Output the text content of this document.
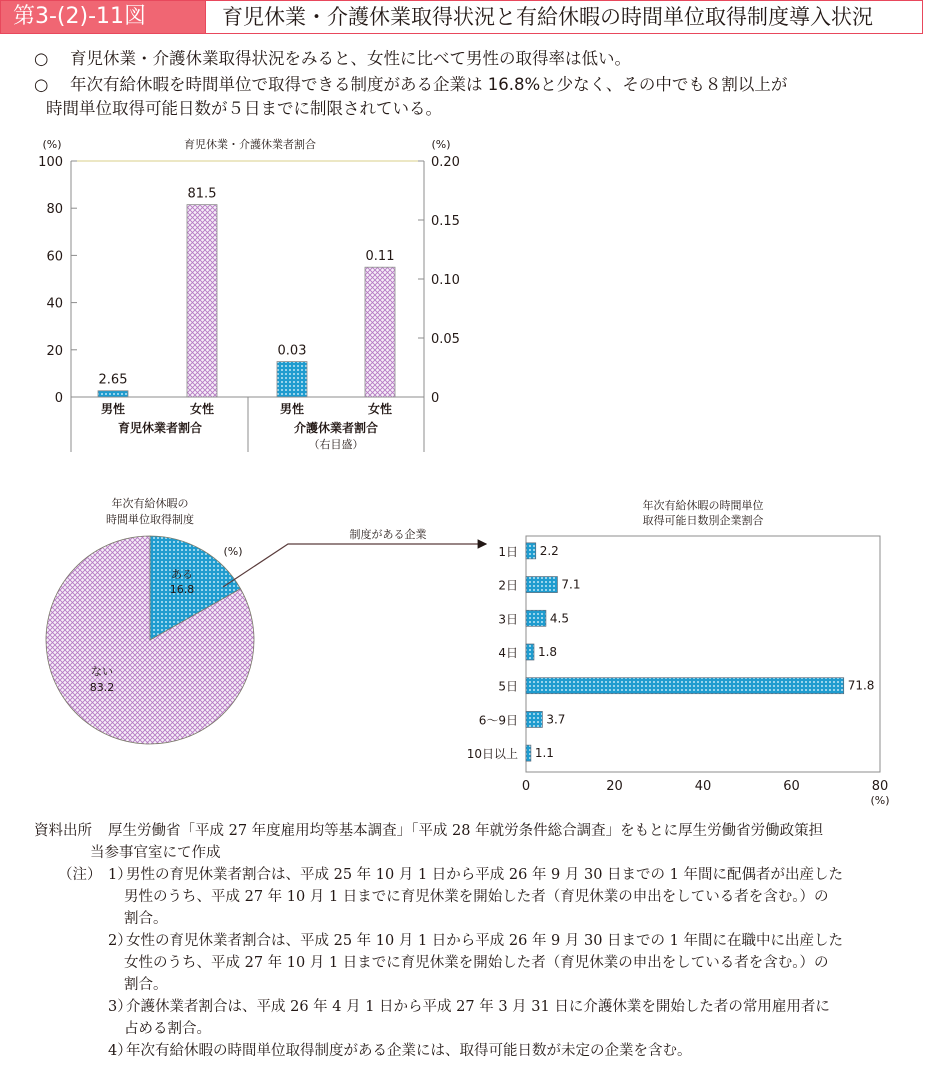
第3-(2)-11図	育児休業・介護休業取得状況と有給休暇の時間単位取得制度導入状況
○ 育児休業・介護休業取得状況をみると、女性に比べて男性の取得率は低い。
○ 年次有給休暇を時間単位で取得できる制度がある企業は 16.8%と少なく、その中でも８割以上が
時間単位取得可能日数が５日までに制限されている。
育児休業・介護休業者割合
(%)	(%)
0
20
40
60
80
100
0
0.05
0.10
0.15
0.20
2.65
81.5
0.03
0.11
男性	女性
育児休業者割合
男性	女性
介護休業者割合
（右目盛）
年次有給休暇の
時間単位取得制度
(%)
ある
16.8
ない
83.2
制度がある企業
年次有給休暇の時間単位
取得可能日数別企業割合
2.2
1日
7.1
2日
4.5
3日
1.8
4日
71.8
5日
3.7
6～9日
1.1
10日以上
0	20	40	60	80
(%)
資料出所 厚生労働省「平成 27 年度雇用均等基本調査」「平成 28 年就労条件総合調査」をもとに厚生労働省労働政策担
当参事官室にて作成
（注） 1）
男性の育児休業者割合は、平成 25 年 10 月 1 日から平成 26 年 9 月 30 日までの 1 年間に配偶者が出産した
男性のうち、平成 27 年 10 月 1 日までに育児休業を開始した者（育児休業の申出をしている者を含む。）の
割合。
2）
女性の育児休業者割合は、平成 25 年 10 月 1 日から平成 26 年 9 月 30 日までの 1 年間に在職中に出産した
女性のうち、平成 27 年 10 月 1 日までに育児休業を開始した者（育児休業の申出をしている者を含む。）の
割合。
3）
介護休業者割合は、平成 26 年 4 月 1 日から平成 27 年 3 月 31 日に介護休業を開始した者の常用雇用者に
占める割合。
4）
年次有給休暇の時間単位取得制度がある企業には、取得可能日数が未定の企業を含む。
